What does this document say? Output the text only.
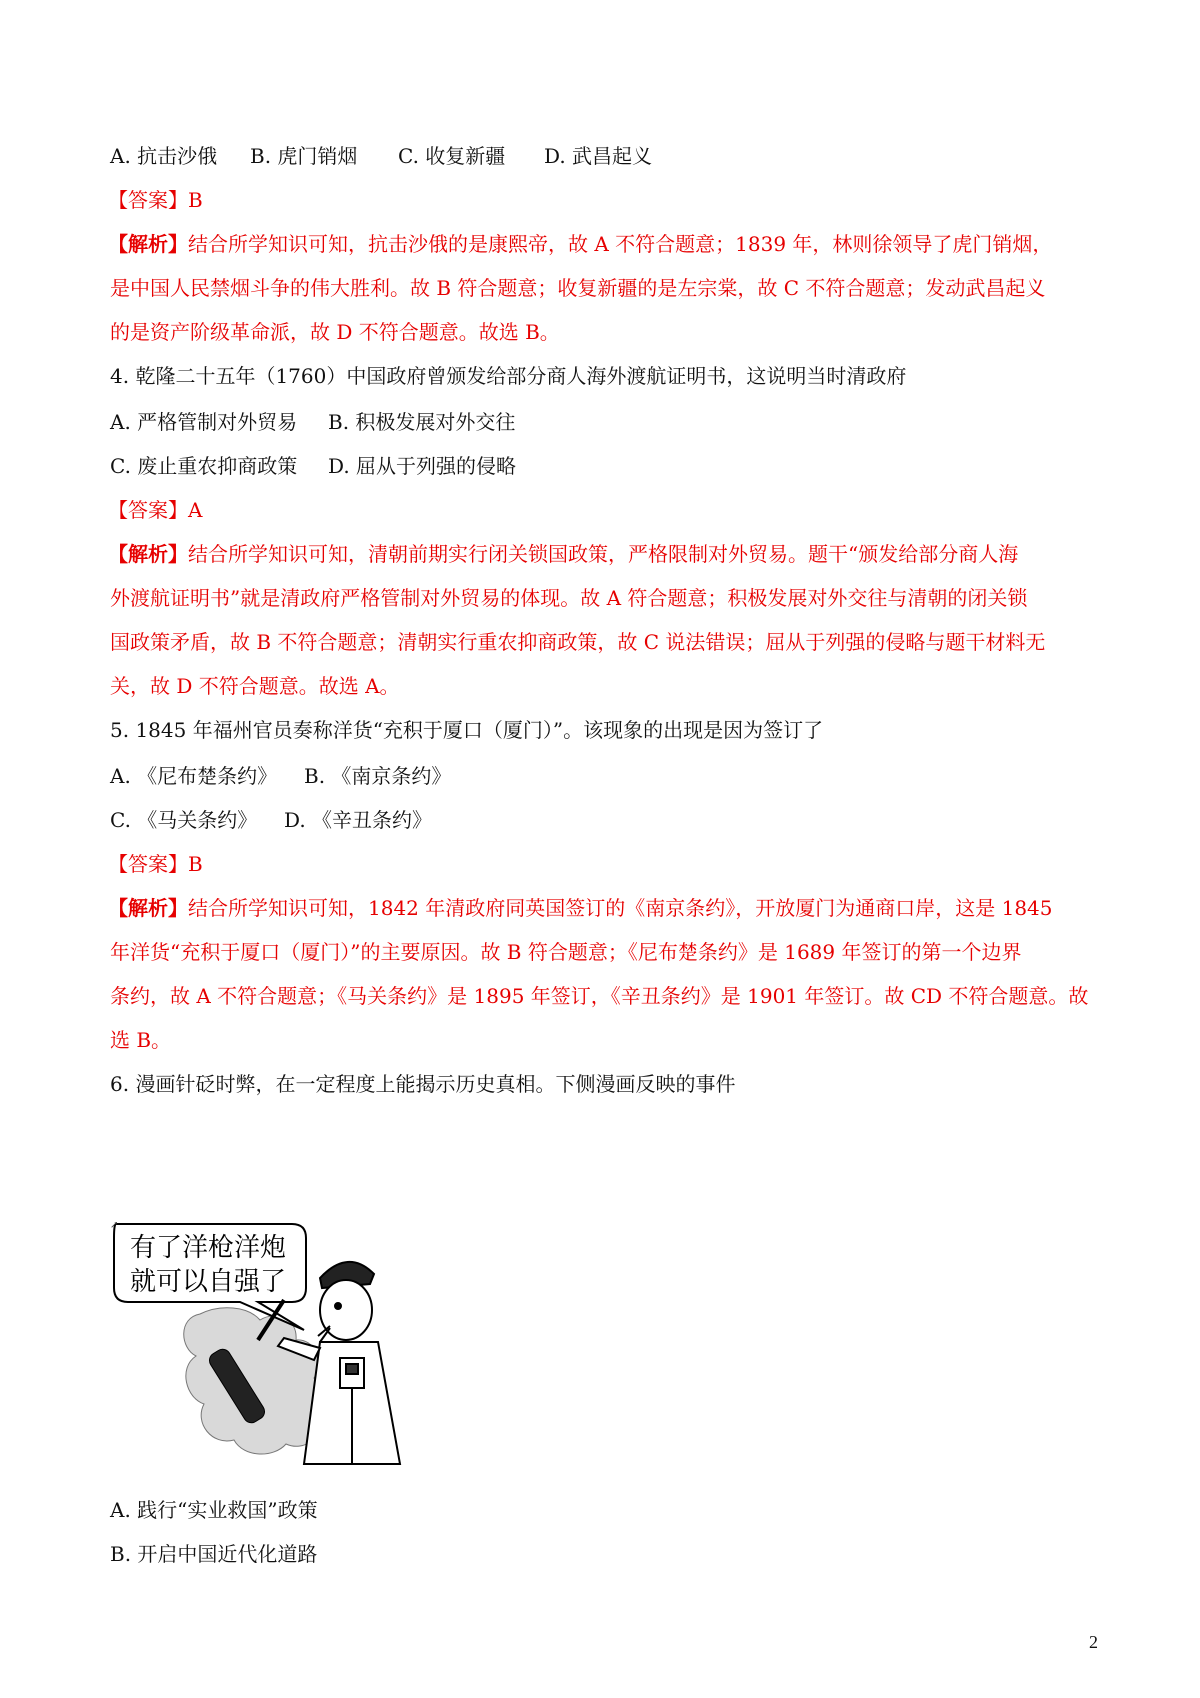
A. 抗击沙俄 B. 虎门销烟 C. 收复新疆 D. 武昌起义
【答案】B
【解析】结合所学知识可知，抗击沙俄的是康熙帝，故 A 不符合题意；1839 年，林则徐领导了虎门销烟，
是中国人民禁烟斗争的伟大胜利。故 B 符合题意；收复新疆的是左宗棠，故 C 不符合题意；发动武昌起义
的是资产阶级革命派，故 D 不符合题意。故选 B。
4. 乾隆二十五年（1760）中国政府曾颁发给部分商人海外渡航证明书，这说明当时清政府
A. 严格管制对外贸易 B. 积极发展对外交往
C. 废止重农抑商政策 D. 屈从于列强的侵略
【答案】A
【解析】结合所学知识可知，清朝前期实行闭关锁国政策，严格限制对外贸易。题干“颁发给部分商人海
外渡航证明书”就是清政府严格管制对外贸易的体现。故 A 符合题意；积极发展对外交往与清朝的闭关锁
国政策矛盾，故 B 不符合题意；清朝实行重农抑商政策，故 C 说法错误；屈从于列强的侵略与题干材料无
关，故 D 不符合题意。故选 A。
5. 1845 年福州官员奏称洋货“充积于厦口（厦门）”。该现象的出现是因为签订了
A. 《尼布楚条约》 B. 《南京条约》
C. 《马关条约》 D. 《辛丑条约》
【答案】B
【解析】结合所学知识可知，1842 年清政府同英国签订的《南京条约》，开放厦门为通商口岸，这是 1845
年洋货“充积于厦口（厦门）”的主要原因。故 B 符合题意；《尼布楚条约》是 1689 年签订的第一个边界
条约，故 A 不符合题意；《马关条约》是 1895 年签订，《辛丑条约》是 1901 年签订。故 CD 不符合题意。故
选 B。
6. 漫画针砭时弊，在一定程度上能揭示历史真相。下侧漫画反映的事件
有了洋枪洋炮
就可以自强了
↗
A. 践行“实业救国”政策
B. 开启中国近代化道路
2
